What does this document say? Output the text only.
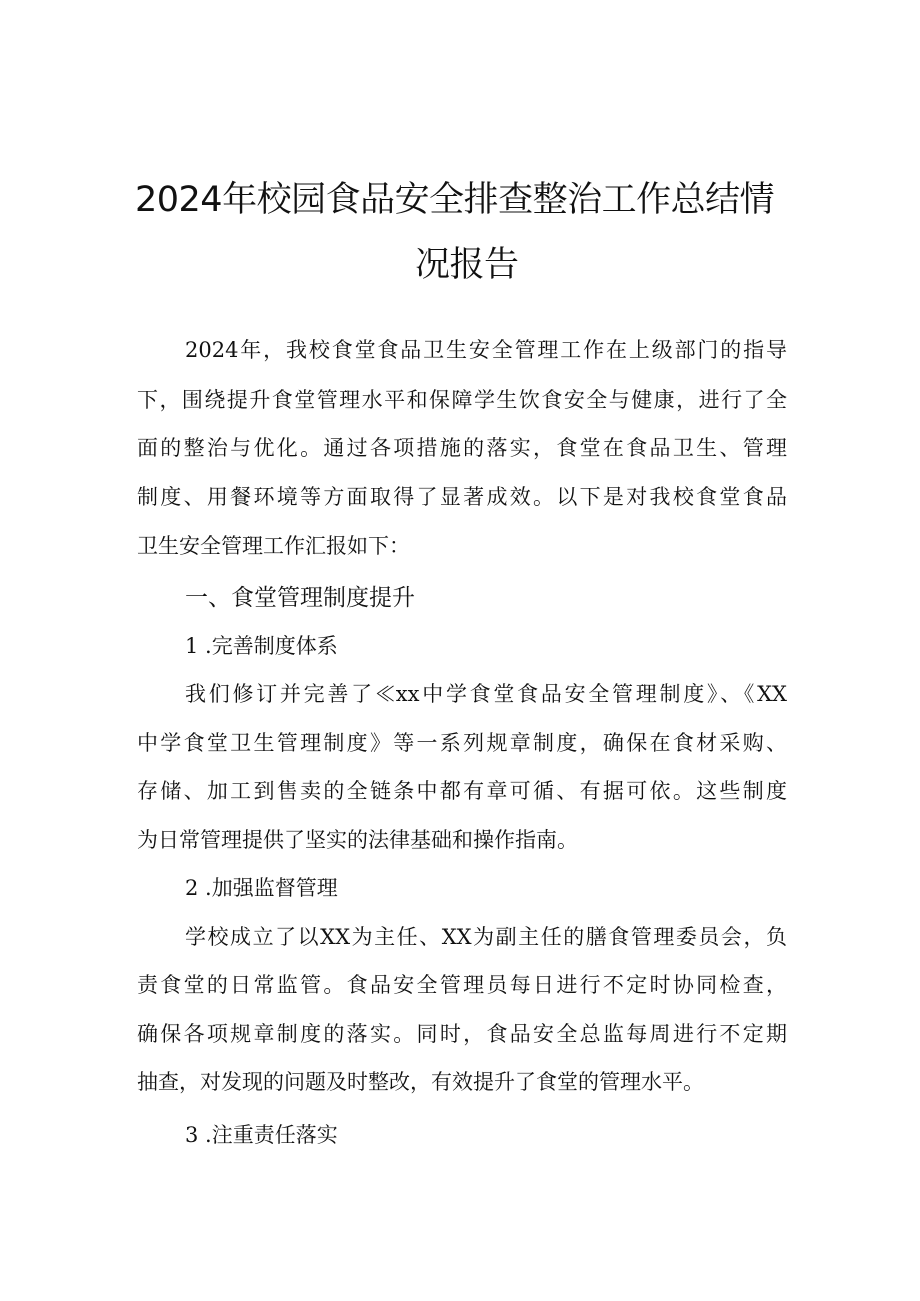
2024年校园食品安全排查整治工作总结情
况报告
2024年，我校食堂食品卫生安全管理工作在上级部门的指导
下，围绕提升食堂管理水平和保障学生饮食安全与健康，进行了全
面的整治与优化。通过各项措施的落实，食堂在食品卫生、管理
制度、用餐环境等方面取得了显著成效。以下是对我校食堂食品
卫生安全管理工作汇报如下：
一、食堂管理制度提升
1 .完善制度体系
我们修订并完善了≪xx中学食堂食品安全管理制度》、《XX
中学食堂卫生管理制度》等一系列规章制度，确保在食材采购、
存储、加工到售卖的全链条中都有章可循、有据可依。这些制度
为日常管理提供了坚实的法律基础和操作指南。
2 .加强监督管理
学校成立了以XX为主任、XX为副主任的膳食管理委员会，负
责食堂的日常监管。食品安全管理员每日进行不定时协同检查，
确保各项规章制度的落实。同时，食品安全总监每周进行不定期
抽查，对发现的问题及时整改，有效提升了食堂的管理水平。
3 .注重责任落实
